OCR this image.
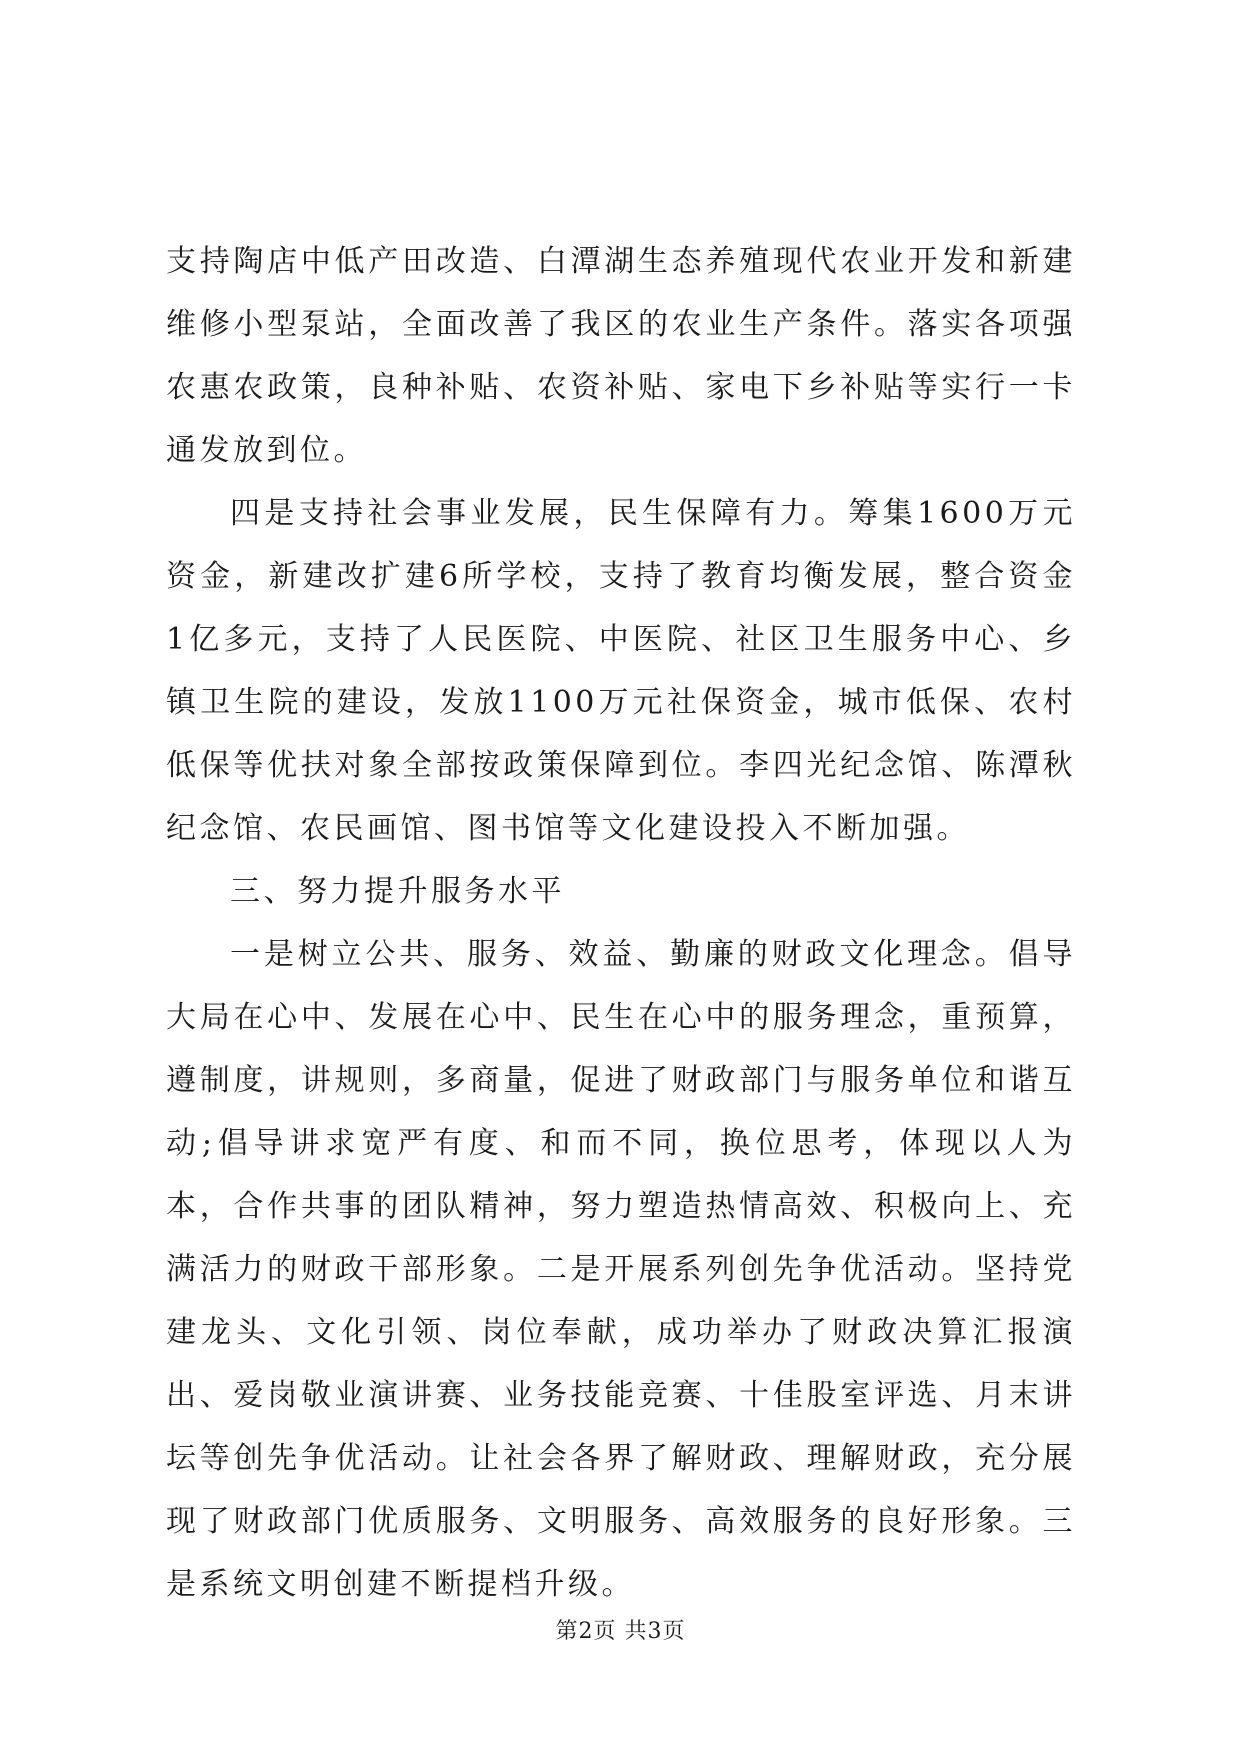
支持陶店中低产田改造、白潭湖生态养殖现代农业开发和新建维修小型泵站，全面改善了我区的农业生产条件。落实各项强农惠农政策，良种补贴、农资补贴、家电下乡补贴等实行一卡通发放到位。

四是支持社会事业发展，民生保障有力。筹集1600万元资金，新建改扩建6所学校，支持了教育均衡发展，整合资金1亿多元，支持了人民医院、中医院、社区卫生服务中心、乡镇卫生院的建设，发放1100万元社保资金，城市低保、农村低保等优扶对象全部按政策保障到位。李四光纪念馆、陈潭秋纪念馆、农民画馆、图书馆等文化建设投入不断加强。

三、努力提升服务水平

一是树立公共、服务、效益、勤廉的财政文化理念。倡导大局在心中、发展在心中、民生在心中的服务理念，重预算，遵制度，讲规则，多商量，促进了财政部门与服务单位和谐互动;倡导讲求宽严有度、和而不同，换位思考，体现以人为本，合作共事的团队精神，努力塑造热情高效、积极向上、充满活力的财政干部形象。二是开展系列创先争优活动。坚持党建龙头、文化引领、岗位奉献，成功举办了财政决算汇报演出、爱岗敬业演讲赛、业务技能竞赛、十佳股室评选、月末讲坛等创先争优活动。让社会各界了解财政、理解财政，充分展现了财政部门优质服务、文明服务、高效服务的良好形象。三是系统文明创建不断提档升级。

第2页 共3页
